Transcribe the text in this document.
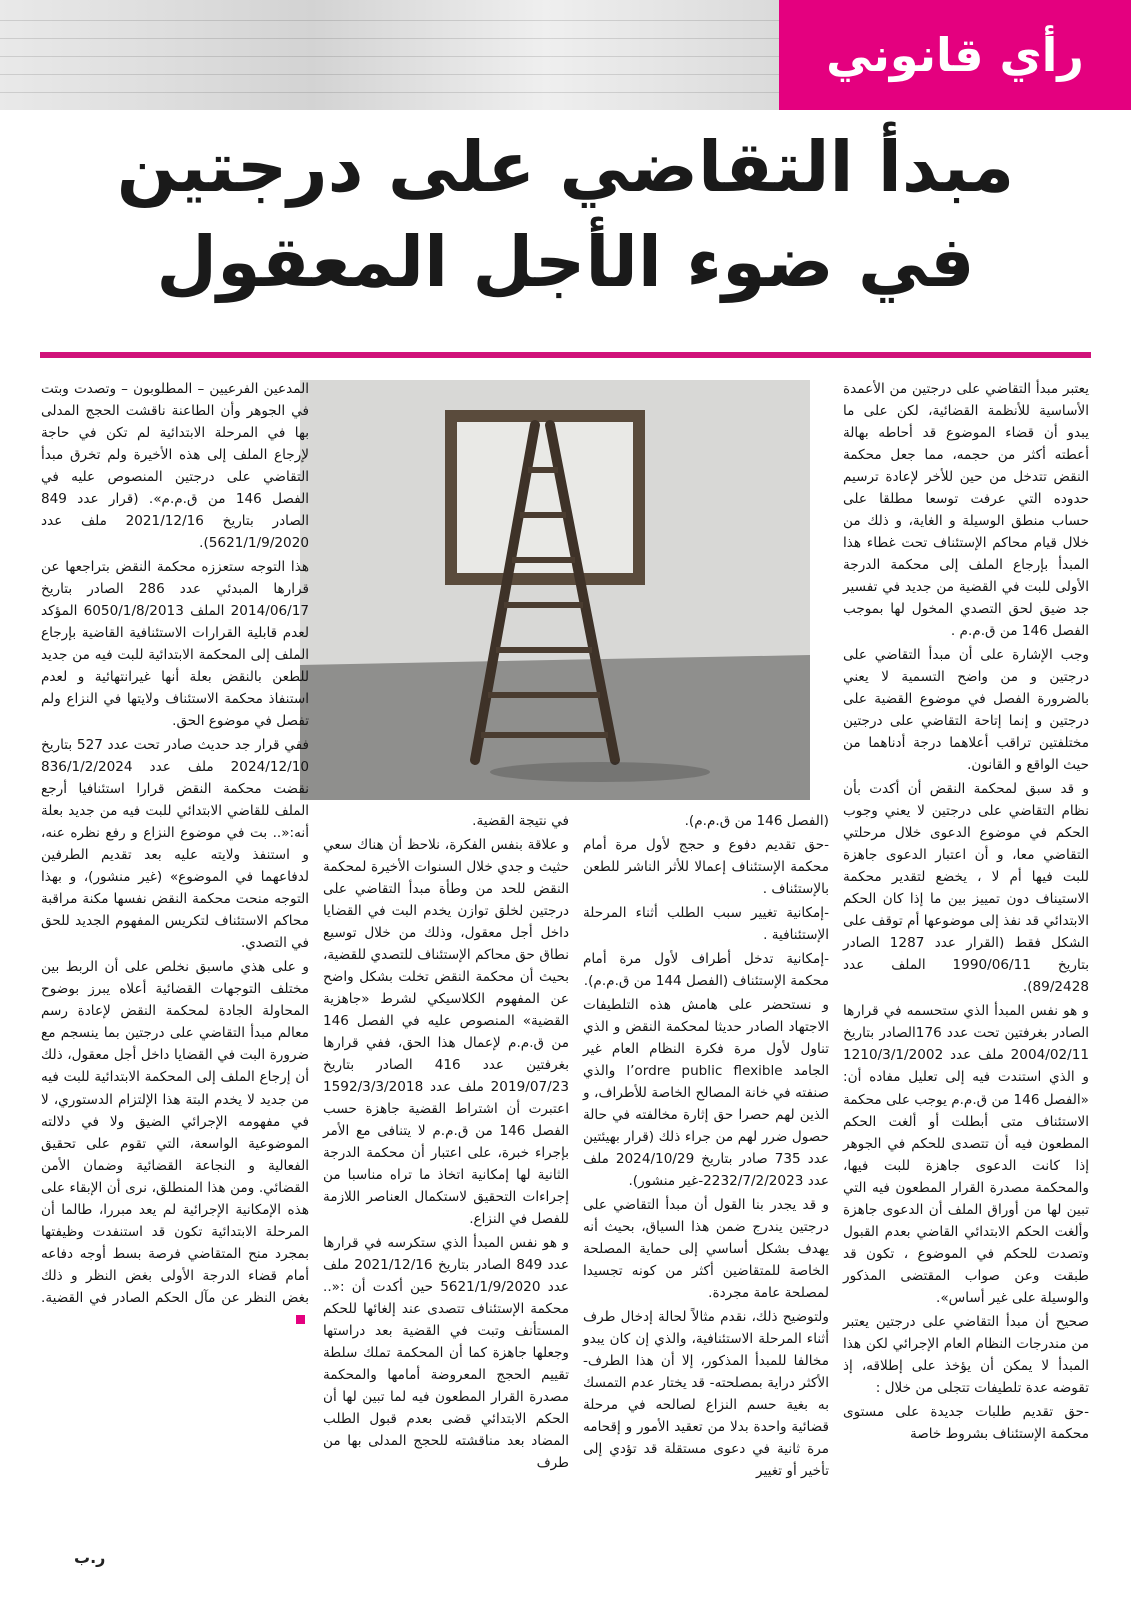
رأي قانوني
مبدأ التقاضي على درجتين
في ضوء الأجل المعقول

يعتبر مبدأ التقاضي على درجتين من الأعمدة الأساسية للأنظمة القضائية، لكن على ما يبدو أن قضاء الموضوع قد أحاطه بهالة أعطته أكثر من حجمه، مما جعل محكمة النقض تتدخل من حين للأخر لإعادة ترسيم حدوده التي عرفت توسعا مطلقا على حساب منطق الوسيلة و الغاية، و ذلك من خلال قيام محاكم الإستئناف تحت غطاء هذا المبدأ بإرجاع الملف إلى محكمة الدرجة الأولى للبت في القضية من جديد في تفسير جد ضيق لحق التصدي المخول لها بموجب الفصل 146 من ق.م.م .

وجب الإشارة على أن مبدأ التقاضي على درجتين و من واضح التسمية لا يعني بالضرورة الفصل في موضوع القضية على درجتين و إنما إتاحة التقاضي على درجتين مختلفتين تراقب أعلاهما درجة أدناهما من حيث الواقع و القانون.

و قد سبق لمحكمة النقض أن أكدت بأن نظام التقاضي على درجتين لا يعني وجوب الحكم في موضوع الدعوى خلال مرحلتي التقاضي معا، و أن اعتبار الدعوى جاهزة للبت فيها أم لا ، يخضع لتقدير محكمة الاستيناف دون تمييز بين ما إذا كان الحكم الابتدائي قد نفذ إلى موضوعها أم توقف على الشكل فقط (القرار عدد 1287 الصادر بتاريخ 1990/06/11 الملف عدد 89/2428).

و هو نفس المبدأ الذي ستحسمه في قرارها الصادر بغرفتين تحت عدد 176الصادر بتاريخ 2004/02/11 ملف عدد 1210/3/1/2002 و الذي استندت فيه إلى تعليل مفاده أن: «الفصل 146 من ق.م.م يوجب على محكمة الاستئناف متى أبطلت أو ألغت الحكم المطعون فيه أن تتصدى للحكم في الجوهر إذا كانت الدعوى جاهزة للبت فيها، والمحكمة مصدرة القرار المطعون فيه التي تبين لها من أوراق الملف أن الدعوى جاهزة وألغت الحكم الابتدائي القاضي بعدم القبول وتصدت للحكم في الموضوع ، تكون قد طبقت وعن صواب المقتضى المذكور والوسيلة على غير أساس».

صحيح أن مبدأ التقاضي على درجتين يعتبر من مندرجات النظام العام الإجرائي لكن هذا المبدأ لا يمكن أن يؤخذ على إطلاقه، إذ تقوضه عدة تلطيفات تتجلى من خلال :

-حق تقديم طلبات جديدة على مستوى محكمة الإستئناف بشروط خاصة

(الفصل 146 من ق.م.م).

-حق تقديم دفوع و حجج لأول مرة أمام محكمة الإستئناف إعمالا للأثر الناشر للطعن بالإستئناف .

-إمكانية تغيير سبب الطلب أثناء المرحلة الإستئنافية .

-إمكانية تدخل أطراف لأول مرة أمام محكمة الإستئناف (الفصل 144 من ق.م.م).

و نستحضر على هامش هذه التلطيفات الاجتهاد الصادر حديثا لمحكمة النقض و الذي تناول لأول مرة فكرة النظام العام غير الجامد l’ordre public flexible والذي صنفته في خانة المصالح الخاصة للأطراف، و الذين لهم حصرا حق إثارة مخالفته في حالة حصول ضرر لهم من جراء ذلك (قرار بهيئتين عدد 735 صادر بتاريخ 2024/10/29 ملف عدد 2232/7/2/2023-غير منشور).

و قد يجدر بنا القول أن مبدأ التقاضي على درجتين يندرج ضمن هذا السياق، بحيث أنه يهدف بشكل أساسي إلى حماية المصلحة الخاصة للمتقاضين أكثر من كونه تجسيدا لمصلحة عامة مجردة.

ولتوضيح ذلك، نقدم مثالاً لحالة إدخال طرف أثناء المرحلة الاستئنافية، والذي إن كان يبدو مخالفا للمبدأ المذكور، إلا أن هذا الطرف-الأكثر دراية بمصلحته- قد يختار عدم التمسك به بغية حسم النزاع لصالحه في مرحلة قضائية واحدة بدلا من تعقيد الأمور و إقحامه مرة ثانية في دعوى مستقلة قد تؤدي إلى تأخير أو تغيير

في نتيجة القضية.

و علاقة بنفس الفكرة، نلاحظ أن هناك سعي حثيث و جدي خلال السنوات الأخيرة لمحكمة النقض للحد من وطأة مبدأ التقاضي على درجتين لخلق توازن يخدم البت في القضايا داخل أجل معقول، وذلك من خلال توسيع نطاق حق محاكم الإستئناف للتصدي للقضية، بحيث أن محكمة النقض تخلت بشكل واضح عن المفهوم الكلاسيكي لشرط «جاهزية القضية» المنصوص عليه في الفصل 146 من ق.م.م لإعمال هذا الحق، ففي قرارها بغرفتين عدد 416 الصادر بتاريخ 2019/07/23 ملف عدد 1592/3/3/2018 اعتبرت أن اشتراط القضية جاهزة حسب الفصل 146 من ق.م.م لا يتنافى مع الأمر بإجراء خبرة، على اعتبار أن محكمة الدرجة الثانية لها إمكانية اتخاذ ما تراه مناسبا من إجراءات التحقيق لاستكمال العناصر اللازمة للفصل في النزاع.

و هو نفس المبدأ الذي ستكرسه في قرارها عدد 849 الصادر بتاريخ 2021/12/16 ملف عدد 5621/1/9/2020 حين أكدت أن :«.. محكمة الإستئناف تتصدى عند إلغائها للحكم المستأنف وتبت في القضية بعد دراستها وجعلها جاهزة كما أن المحكمة تملك سلطة تقييم الحجج المعروضة أمامها والمحكمة مصدرة القرار المطعون فيه لما تبين لها أن الحكم الابتدائي قضى بعدم قبول الطلب المضاد بعد مناقشته للحجج المدلى بها من طرف

المدعين الفرعيين – المطلوبون – وتصدت وبتت في الجوهر وأن الطاعنة ناقشت الحجج المدلى بها في المرحلة الابتدائية لم تكن في حاجة لإرجاع الملف إلى هذه الأخيرة ولم تخرق مبدأ التقاضي على درجتين المنصوص عليه في الفصل 146 من ق.م.م». (قرار عدد 849 الصادر بتاريخ 2021/12/16 ملف عدد 5621/1/9/2020).

هذا التوجه ستعززه محكمة النقض بتراجعها عن قرارها المبدئي عدد 286 الصادر بتاريخ 2014/06/17 الملف 6050/1/8/2013 المؤكد لعدم قابلية القرارات الاستئنافية القاضية بإرجاع الملف إلى المحكمة الابتدائية للبت فيه من جديد للطعن بالنقض بعلة أنها غيرانتهائية و لعدم استنفاذ محكمة الاستئناف ولايتها في النزاع ولم تفصل في موضوع الحق.

ففي قرار جد حديث صادر تحت عدد 527 بتاريخ 2024/12/10 ملف عدد 836/1/2/2024 نقضت محكمة النقض قرارا استئنافيا أرجع الملف للقاضي الابتدائي للبت فيه من جديد بعلة أنه:«.. بت في موضوع النزاع و رفع نظره عنه، و استنفذ ولايته عليه بعد تقديم الطرفين لدفاعهما في الموضوع» (غير منشور)، و بهذا التوجه منحت محكمة النقض نفسها مكنة مراقبة محاكم الاستئناف لتكريس المفهوم الجديد للحق في التصدي.

و على هذي ماسبق نخلص على أن الربط بين مختلف التوجهات القضائية أعلاه يبرز بوضوح المحاولة الجادة لمحكمة النقض لإعادة رسم معالم مبدأ التقاضي على درجتين بما ينسجم مع ضرورة البت في القضايا داخل أجل معقول، ذلك أن إرجاع الملف إلى المحكمة الابتدائية للبت فيه من جديد لا يخدم البتة هذا الإلتزام الدستوري، لا في مفهومه الإجرائي الضيق ولا في دلالته الموضوعية الواسعة، التي تقوم على تحقيق الفعالية و النجاعة القضائية وضمان الأمن القضائي. ومن هذا المنطلق، نرى أن الإبقاء على هذه الإمكانية الإجرائية لم يعد مبررا، طالما أن المرحلة الابتدائية تكون قد استنفدت وظيفتها بمجرد منح المتقاضي فرصة بسط أوجه دفاعه أمام قضاء الدرجة الأولى بغض النظر و ذلك بغض النظر عن مآل الحكم الصادر في القضية.

ر.ب
